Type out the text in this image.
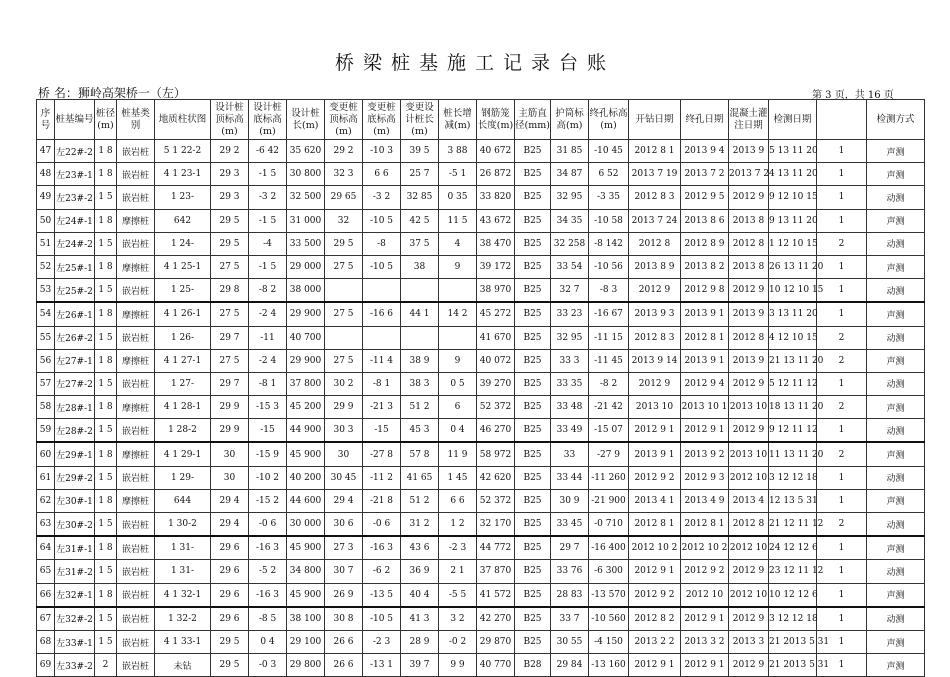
桥梁桩基施工记录台账
桥 名：狮岭高架桥一（左）	第 3 页，共 16 页
序号	桩基编号	桩径(m)	桩基类别	地质柱状图	设计桩顶标高(m)	设计桩底标高(m)	设计桩长(m)	变更桩顶标高(m)	变更桩底标高(m)	变更设计桩长(m)	桩长增减(m)	钢筋笼长度(m)	主筋直径(mm)	护筒标高(m)	终孔标高(m)	开钻日期	终孔日期	混凝土灌注日期	检测日期		检测方式
47	左22#-2	1 8	嵌岩桩	5 1 22-2	29 2	-6 42	35 620	29 2	-10 3	39 5	3 88	40 672	B25	31 85	-10 45	2012 8 1	2013 9 4	2013 9	5 13 11 20	1	声测
48	左23#-1	1 8	嵌岩桩	4 1 23-1	29 3	-1 5	30 800	32 3	6 6	25 7	-5 1	26 872	B25	34 87	6 52	2013 7 19	2013 7 2	2013 7 2	4 13 11 20	1	声测
49	左23#-2	1 5	嵌岩桩	1 23-	29 3	-3 2	32 500	29 65	-3 2	32 85	0 35	33 820	B25	32 95	-3 35	2012 8 3	2012 9 5	2012 9	9 12 10 15	1	动测
50	左24#-1	1 8	摩擦桩	642	29 5	-1 5	31 000	32	-10 5	42 5	11 5	43 672	B25	34 35	-10 58	2013 7 24	2013 8 6	2013 8	9 13 11 20	1	声测
51	左24#-2	1 5	嵌岩桩	1 24-	29 5	-4	33 500	29 5	-8	37 5	4	38 470	B25	32 258	-8 142	2012 8	2012 8 9	2012 8	1 12 10 15	2	动测
52	左25#-1	1 8	摩擦桩	4 1 25-1	27 5	-1 5	29 000	27 5	-10 5	38	9	39 172	B25	33 54	-10 56	2013 8 9	2013 8 2	2013 8	26 13 11 20	1	声测
53	左25#-2	1 5	嵌岩桩	1 25-	29 8	-8 2	38 000					38 970	B25	32 7	-8 3	2012 9	2012 9 8	2012 9	10 12 10 15	1	动测
54	左26#-1	1 8	摩擦桩	4 1 26-1	27 5	-2 4	29 900	27 5	-16 6	44 1	14 2	45 272	B25	33 23	-16 67	2013 9 3	2013 9 1	2013 9	3 13 11 20	1	声测
55	左26#-2	1 5	嵌岩桩	1 26-	29 7	-11	40 700					41 670	B25	32 95	-11 15	2012 8 3	2012 8 1	2012 8	4 12 10 15	2	动测
56	左27#-1	1 8	摩擦桩	4 1 27-1	27 5	-2 4	29 900	27 5	-11 4	38 9	9	40 072	B25	33 3	-11 45	2013 9 14	2013 9 1	2013 9	21 13 11 20	2	声测
57	左27#-2	1 5	嵌岩桩	1 27-	29 7	-8 1	37 800	30 2	-8 1	38 3	0 5	39 270	B25	33 35	-8 2	2012 9	2012 9 4	2012 9	5 12 11 12	1	动测
58	左28#-1	1 8	摩擦桩	4 1 28-1	29 9	-15 3	45 200	29 9	-21 3	51 2	6	52 372	B25	33 48	-21 42	2013 10	2013 10 1	2013 10	18 13 11 20	2	声测
59	左28#-2	1 5	嵌岩桩	1 28-2	29 9	-15	44 900	30 3	-15	45 3	0 4	46 270	B25	33 49	-15 07	2012 9 1	2012 9 1	2012 9	9 12 11 12	1	动测
60	左29#-1	1 8	摩擦桩	4 1 29-1	30	-15 9	45 900	30	-27 8	57 8	11 9	58 972	B25	33	-27 9	2013 9 1	2013 9 2	2013 10	11 13 11 20	2	声测
61	左29#-2	1 5	嵌岩桩	1 29-	30	-10 2	40 200	30 45	-11 2	41 65	1 45	42 620	B25	33 44	-11 260	2012 9 2	2012 9 3	2012 10	3 12 12 18	1	动测
62	左30#-1	1 8	摩擦桩	644	29 4	-15 2	44 600	29 4	-21 8	51 2	6 6	52 372	B25	30 9	-21 900	2013 4 1	2013 4 9	2013 4	12 13 5 31	1	声测
63	左30#-2	1 5	嵌岩桩	1 30-2	29 4	-0 6	30 000	30 6	-0 6	31 2	1 2	32 170	B25	33 45	-0 710	2012 8 1	2012 8 1	2012 8	21 12 11 12	2	动测
64	左31#-1	1 8	嵌岩桩	1 31-	29 6	-16 3	45 900	27 3	-16 3	43 6	-2 3	44 772	B25	29 7	-16 400	2012 10 2	2012 10 2	2012 10	24 12 12 6	1	声测
65	左31#-2	1 5	嵌岩桩	1 31-	29 6	-5 2	34 800	30 7	-6 2	36 9	2 1	37 870	B25	33 76	-6 300	2012 9 1	2012 9 2	2012 9	23 12 11 12	1	动测
66	左32#-1	1 8	嵌岩桩	4 1 32-1	29 6	-16 3	45 900	26 9	-13 5	40 4	-5 5	41 572	B25	28 83	-13 570	2012 9 2	2012 10	2012 10	10 12 12 6	1	声测
67	左32#-2	1 5	嵌岩桩	1 32-2	29 6	-8 5	38 100	30 8	-10 5	41 3	3 2	42 270	B25	33 7	-10 560	2012 8 2	2012 9 1	2012 9	3 12 12 18	1	动测
68	左33#-1	1 5	嵌岩桩	4 1 33-1	29 5	0 4	29 100	26 6	-2 3	28 9	-0 2	29 870	B25	30 55	-4 150	2013 2 2	2013 3 2	2013 3	21 2013 5 31	1	声测
69	左33#-2	2	嵌岩桩	未钻	29 5	-0 3	29 800	26 6	-13 1	39 7	9 9	40 770	B28	29 84	-13 160	2012 9 1	2012 9 1	2012 9	21 2013 5 31	1	声测
